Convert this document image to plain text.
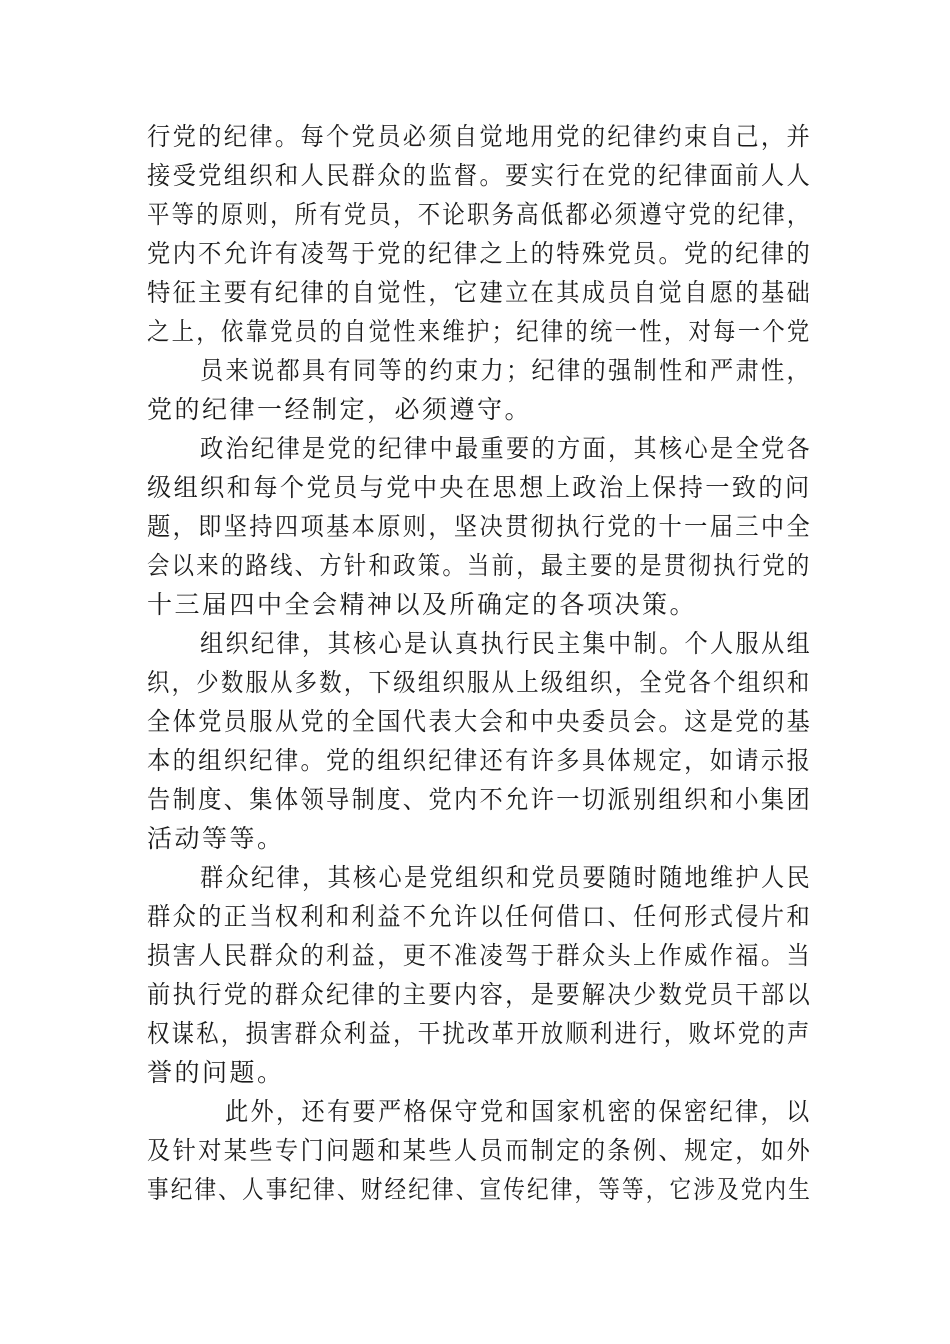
行党的纪律。每个党员必须自觉地用党的纪律约束自己，并
接受党组织和人民群众的监督。要实行在党的纪律面前人人
平等的原则，所有党员，不论职务高低都必须遵守党的纪律，
党内不允许有凌驾于党的纪律之上的特殊党员。党的纪律的
特征主要有纪律的自觉性，它建立在其成员自觉自愿的基础
之上，依靠党员的自觉性来维护；纪律的统一性，对每一个党
员来说都具有同等的约束力；纪律的强制性和严肃性，
党的纪律一经制定，必须遵守。
政治纪律是党的纪律中最重要的方面，其核心是全党各
级组织和每个党员与党中央在思想上政治上保持一致的问
题，即坚持四项基本原则，坚决贯彻执行党的十一届三中全
会以来的路线、方针和政策。当前，最主要的是贯彻执行党的
十三届四中全会精神以及所确定的各项决策。
组织纪律，其核心是认真执行民主集中制。个人服从组
织，少数服从多数，下级组织服从上级组织，全党各个组织和
全体党员服从党的全国代表大会和中央委员会。这是党的基
本的组织纪律。党的组织纪律还有许多具体规定，如请示报
告制度、集体领导制度、党内不允许一切派别组织和小集团
活动等等。
群众纪律，其核心是党组织和党员要随时随地维护人民
群众的正当权利和利益不允许以任何借口、任何形式侵片和
损害人民群众的利益，更不准凌驾于群众头上作威作福。当
前执行党的群众纪律的主要内容，是要解决少数党员干部以
权谋私，损害群众利益，干扰改革开放顺利进行，败坏党的声
誉的问题。
此外，还有要严格保守党和国家机密的保密纪律，以
及针对某些专门问题和某些人员而制定的条例、规定，如外
事纪律、人事纪律、财经纪律、宣传纪律，等等，它涉及党内生
